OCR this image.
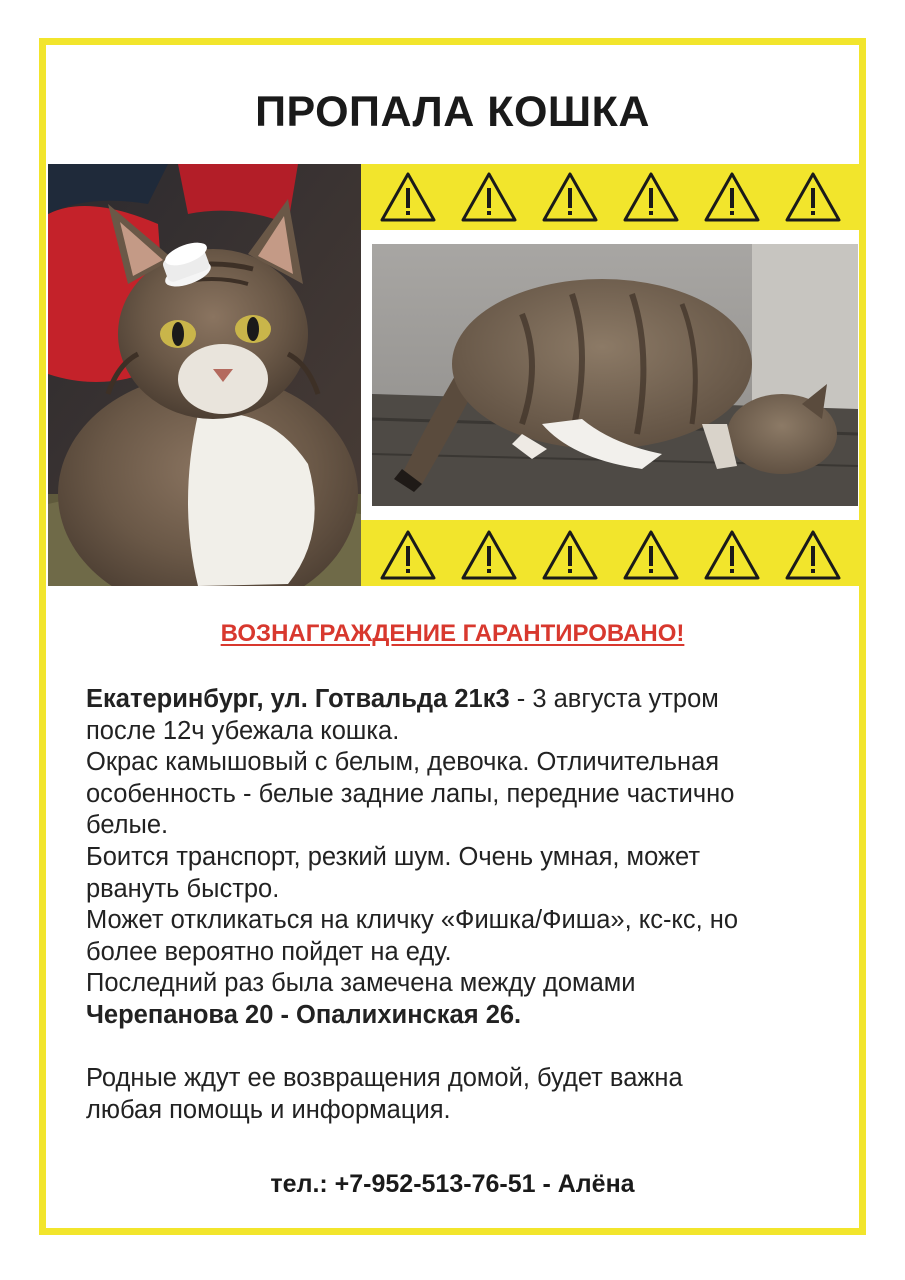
ПРОПАЛА КОШКА
ВОЗНАГРАЖДЕНИЕ ГАРАНТИРОВАНО!

Екатеринбург, ул. Готвальда 21к3 - 3 августа утром

после 12ч убежала кошка.

Окрас камышовый с белым, девочка. Отличительная

особенность - белые задние лапы, передние частично

белые.

Боится транспорт, резкий шум. Очень умная, может

рвануть быстро.

Может откликаться на кличку «Фишка/Фиша», кс-кс, но

более вероятно пойдет на еду.

Последний раз была замечена между домами

Черепанова 20 - Опалихинская 26.

Родные ждут ее возвращения домой, будет важна

любая помощь и информация.

тел.: +7-952-513-76-51 - Алёна
